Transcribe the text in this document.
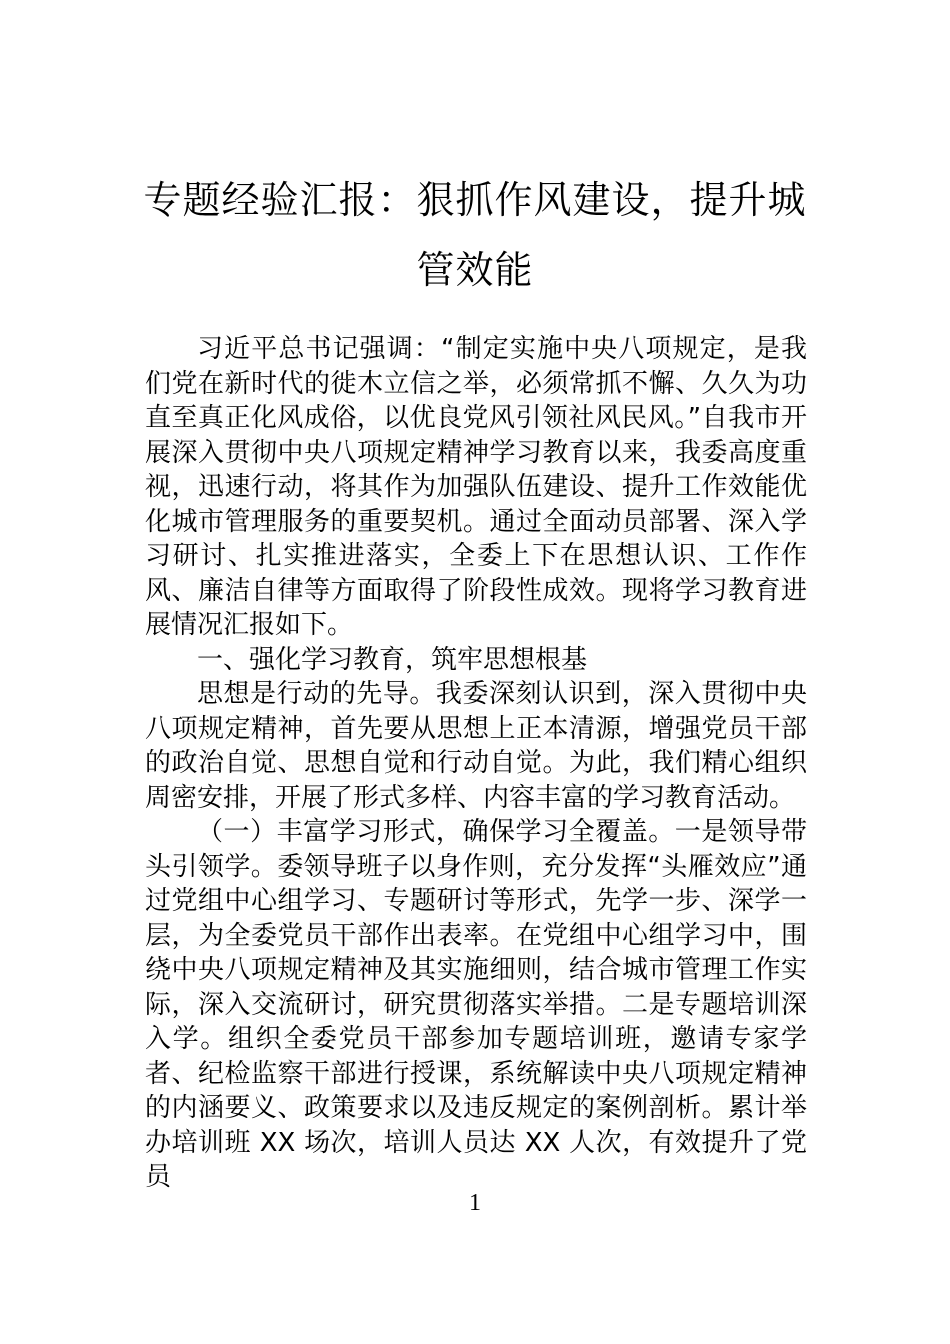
专题经验汇报：狠抓作风建设，提升城管效能

习近平总书记强调：“制定实施中央八项规定，是我们党在新时代的徙木立信之举，必须常抓不懈、久久为功直至真正化风成俗，以优良党风引领社风民风。”自我市开展深入贯彻中央八项规定精神学习教育以来，我委高度重视，迅速行动，将其作为加强队伍建设、提升工作效能优化城市管理服务的重要契机。通过全面动员部署、深入学习研讨、扎实推进落实，全委上下在思想认识、工作作风、廉洁自律等方面取得了阶段性成效。现将学习教育进展情况汇报如下。

一、强化学习教育，筑牢思想根基

思想是行动的先导。我委深刻认识到，深入贯彻中央八项规定精神，首先要从思想上正本清源，增强党员干部的政治自觉、思想自觉和行动自觉。为此，我们精心组织周密安排，开展了形式多样、内容丰富的学习教育活动。

（一）丰富学习形式，确保学习全覆盖。一是领导带头引领学。委领导班子以身作则，充分发挥“头雁效应”通过党组中心组学习、专题研讨等形式，先学一步、深学一层，为全委党员干部作出表率。在党组中心组学习中，围绕中央八项规定精神及其实施细则，结合城市管理工作实际，深入交流研讨，研究贯彻落实举措。二是专题培训深入学。组织全委党员干部参加专题培训班，邀请专家学者、纪检监察干部进行授课，系统解读中央八项规定精神的内涵要义、政策要求以及违反规定的案例剖析。累计举办培训班 XX 场次，培训人员达 XX 人次，有效提升了党员

1
